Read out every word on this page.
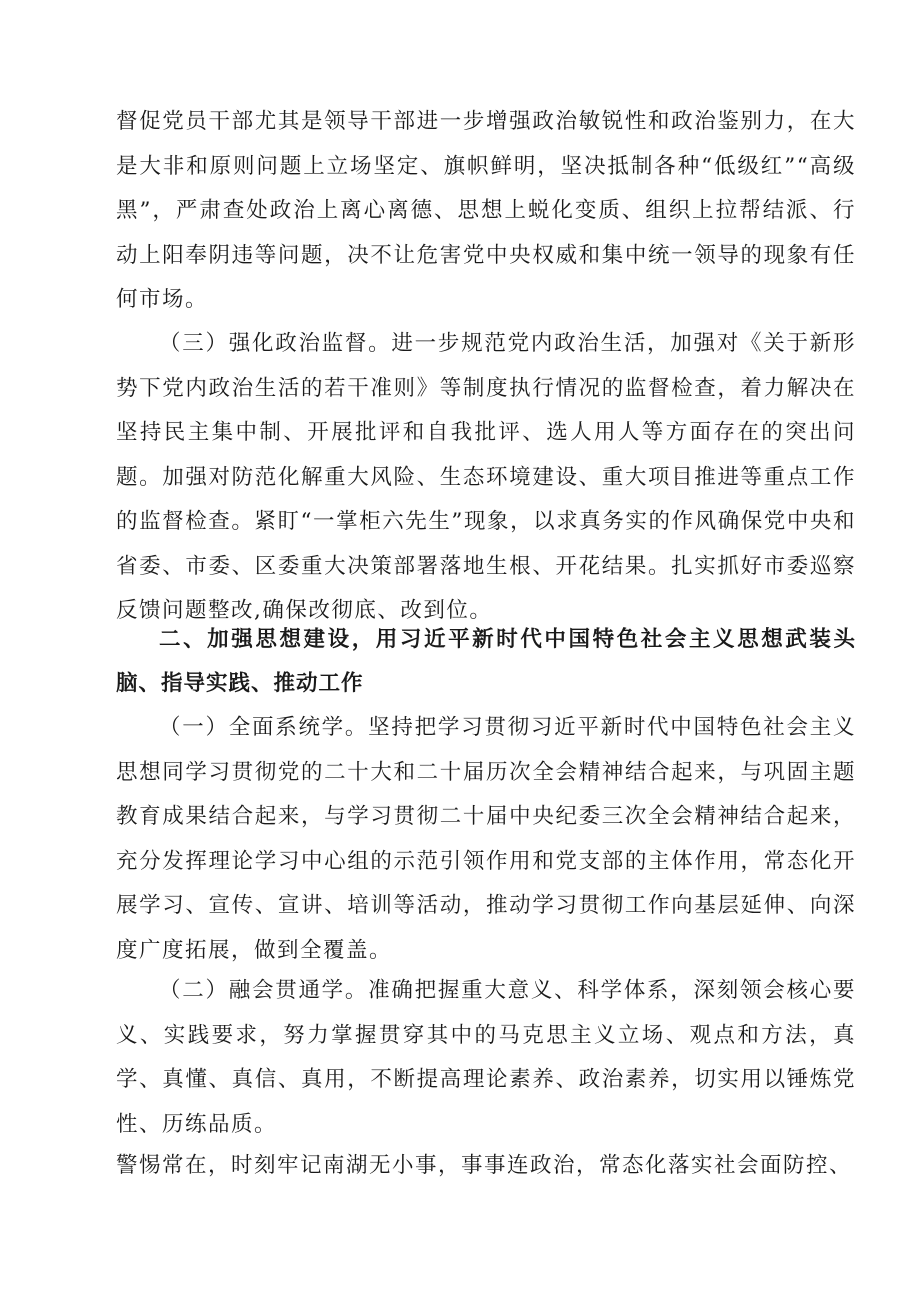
督促党员干部尤其是领导干部进一步增强政治敏锐性和政治鉴别力，在大是大非和原则问题上立场坚定、旗帜鲜明，坚决抵制各种“低级红”“高级黑”，严肃查处政治上离心离德、思想上蜕化变质、组织上拉帮结派、行动上阳奉阴违等问题，决不让危害党中央权威和集中统一领导的现象有任何市场。

（三）强化政治监督。进一步规范党内政治生活，加强对《关于新形势下党内政治生活的若干准则》等制度执行情况的监督检查，着力解决在坚持民主集中制、开展批评和自我批评、选人用人等方面存在的突出问题。加强对防范化解重大风险、生态环境建设、重大项目推进等重点工作的监督检查。紧盯“一掌柜六先生”现象，以求真务实的作风确保党中央和省委、市委、区委重大决策部署落地生根、开花结果。扎实抓好市委巡察反馈问题整改,确保改彻底、改到位。

二、加强思想建设，用习近平新时代中国特色社会主义思想武装头脑、指导实践、推动工作

（一）全面系统学。坚持把学习贯彻习近平新时代中国特色社会主义思想同学习贯彻党的二十大和二十届历次全会精神结合起来，与巩固主题教育成果结合起来，与学习贯彻二十届中央纪委三次全会精神结合起来，充分发挥理论学习中心组的示范引领作用和党支部的主体作用，常态化开展学习、宣传、宣讲、培训等活动，推动学习贯彻工作向基层延伸、向深度广度拓展，做到全覆盖。

（二）融会贯通学。准确把握重大意义、科学体系，深刻领会核心要义、实践要求，努力掌握贯穿其中的马克思主义立场、观点和方法，真学、真懂、真信、真用，不断提高理论素养、政治素养，切实用以锤炼党性、历练品质。

警惕常在，时刻牢记南湖无小事，事事连政治，常态化落实社会面防控、
